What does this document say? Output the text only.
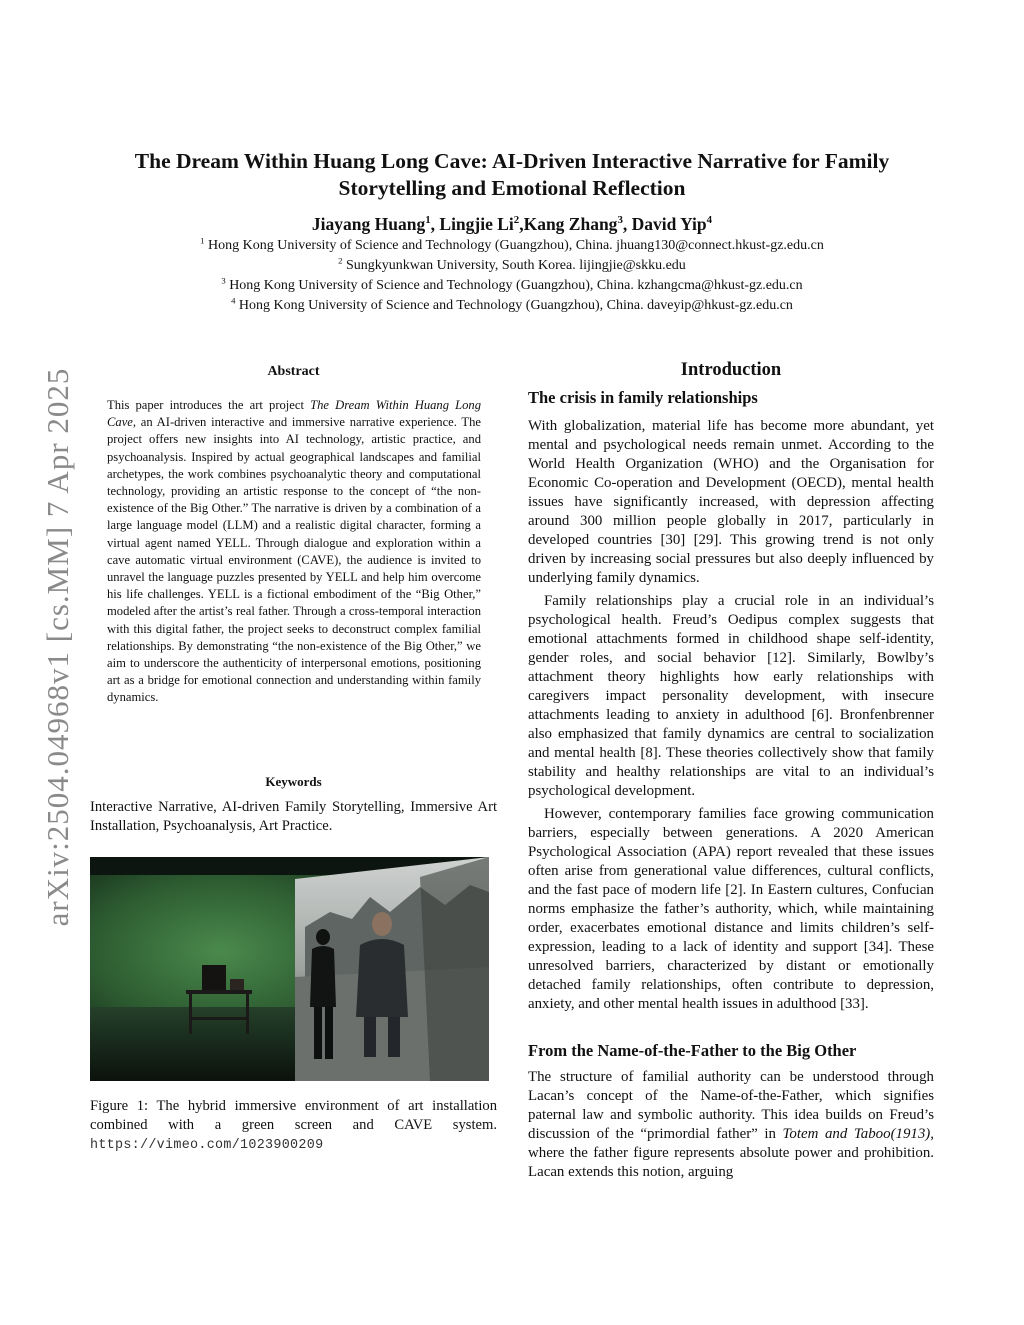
arXiv:2504.04968v1 [cs.MM] 7 Apr 2025
The Dream Within Huang Long Cave: AI-Driven Interactive Narrative for Family
Storytelling and Emotional Reflection
Jiayang Huang$^1$, Lingjie Li$^2$,Kang Zhang$^3$, David Yip$^4$
$^1$ Hong Kong University of Science and Technology (Guangzhou), China. jhuang130@connect.hkust-gz.edu.cn
$^2$ Sungkyunkwan University, South Korea. lijingjie@skku.edu
$^3$ Hong Kong University of Science and Technology (Guangzhou), China. kzhangcma@hkust-gz.edu.cn
$^4$ Hong Kong University of Science and Technology (Guangzhou), China. daveyip@hkust-gz.edu.cn
Abstract
This paper introduces the art project The Dream Within Huang Long Cave, an AI-driven interactive and immersive narrative experience. The project offers new insights into AI technology, artistic practice, and psychoanalysis. Inspired by actual geographical landscapes and familial archetypes, the work combines psychoanalytic theory and computational technology, providing an artistic response to the concept of “the non-existence of the Big Other.” The narrative is driven by a combination of a large language model (LLM) and a realistic digital character, forming a virtual agent named YELL. Through dialogue and exploration within a cave automatic virtual environment (CAVE), the audience is invited to unravel the language puzzles presented by YELL and help him overcome his life challenges. YELL is a fictional embodiment of the “Big Other,” modeled after the artist’s real father. Through a cross-temporal interaction with this digital father, the project seeks to deconstruct complex familial relationships. By demonstrating “the non-existence of the Big Other,” we aim to underscore the authenticity of interpersonal emotions, positioning art as a bridge for emotional connection and understanding within family dynamics.
Keywords
Interactive Narrative, AI-driven Family Storytelling, Immersive Art Installation, Psychoanalysis, Art Practice.
Figure 1: The hybrid immersive environment of art installation combined with a green screen and CAVE system. https://vimeo.com/1023900209
Introduction
The crisis in family relationships

With globalization, material life has become more abundant, yet mental and psychological needs remain unmet. According to the World Health Organization (WHO) and the Organisation for Economic Co-operation and Development (OECD), mental health issues have significantly increased, with depression affecting around 300 million people globally in 2017, particularly in developed countries [30] [29]. This growing trend is not only driven by increasing social pressures but also deeply influenced by underlying family dynamics.

Family relationships play a crucial role in an individual’s psychological health. Freud’s Oedipus complex suggests that emotional attachments formed in childhood shape self-identity, gender roles, and social behavior [12]. Similarly, Bowlby’s attachment theory highlights how early relationships with caregivers impact personality development, with insecure attachments leading to anxiety in adulthood [6]. Bronfenbrenner also emphasized that family dynamics are central to socialization and mental health [8]. These theories collectively show that family stability and healthy relationships are vital to an individual’s psychological development.

However, contemporary families face growing communication barriers, especially between generations. A 2020 American Psychological Association (APA) report revealed that these issues often arise from generational value differences, cultural conflicts, and the fast pace of modern life [2]. In Eastern cultures, Confucian norms emphasize the father’s authority, which, while maintaining order, exacerbates emotional distance and limits children’s self-expression, leading to a lack of identity and support [34]. These unresolved barriers, characterized by distant or emotionally detached family relationships, often contribute to depression, anxiety, and other mental health issues in adulthood [33].

From the Name-of-the-Father to the Big Other

The structure of familial authority can be understood through Lacan’s concept of the Name-of-the-Father, which signifies paternal law and symbolic authority. This idea builds on Freud’s discussion of the “primordial father” in Totem and Taboo(1913), where the father figure represents absolute power and prohibition. Lacan extends this notion, arguing
